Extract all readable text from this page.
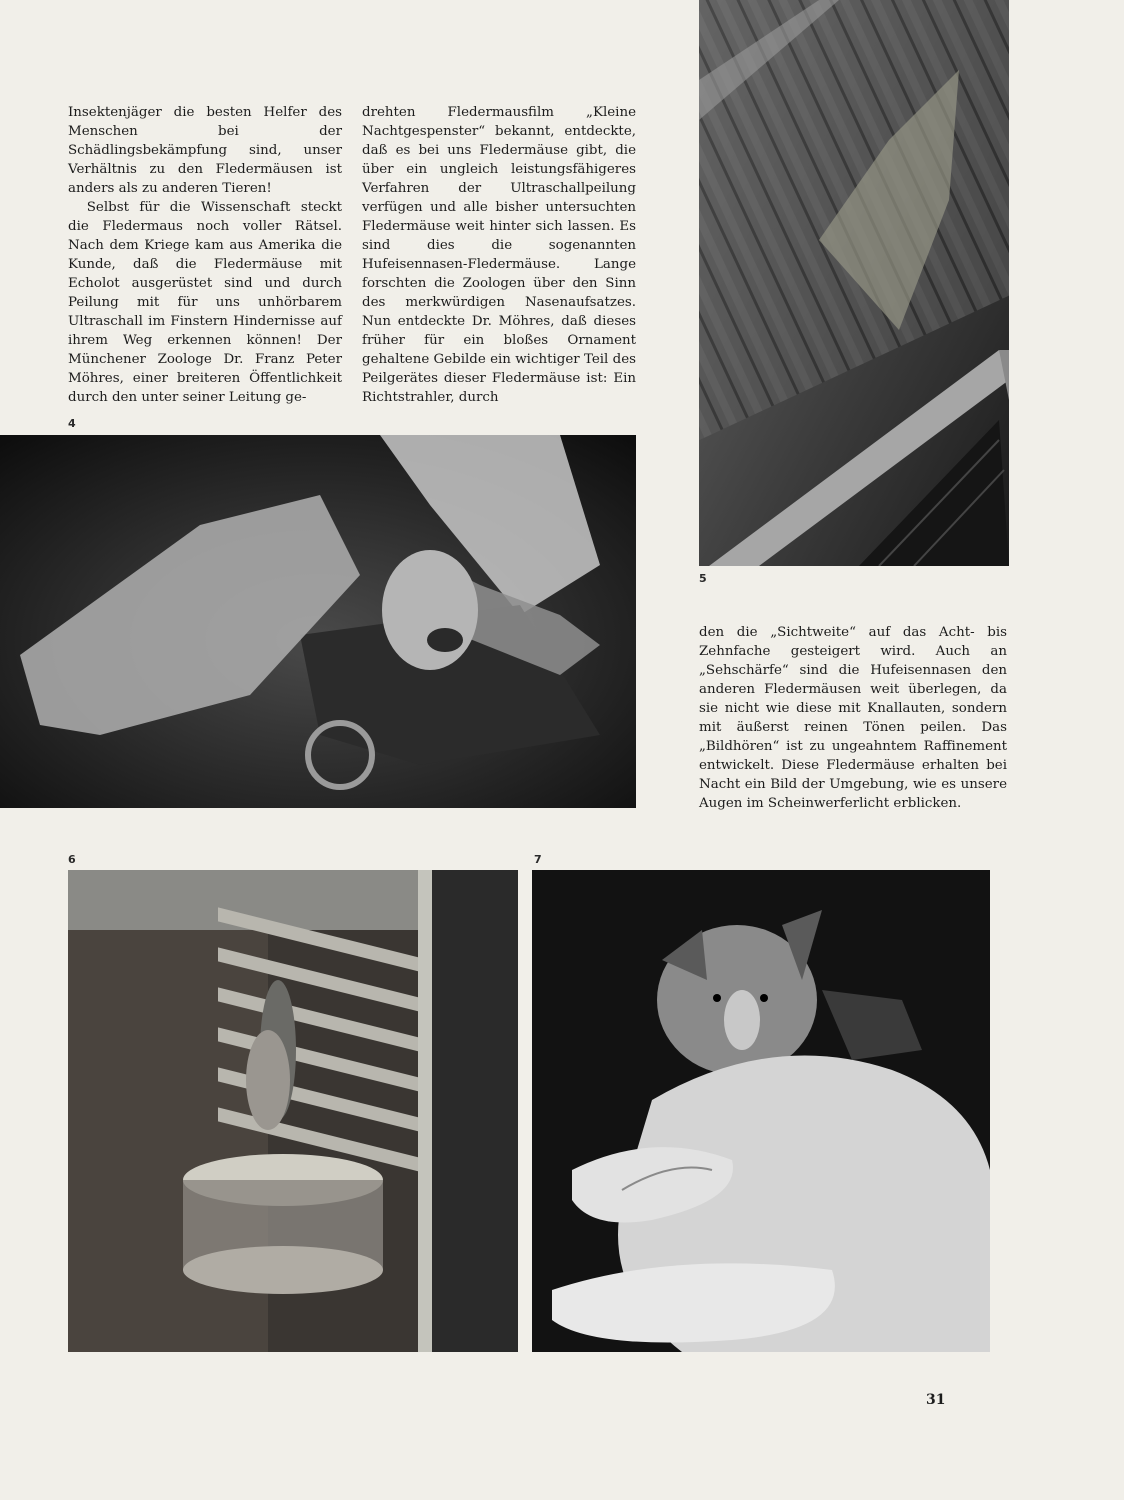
Insektenjäger die besten Helfer des Menschen bei der Schädlingsbekämpfung sind, unser Verhältnis zu den Fledermäusen ist anders als zu anderen Tieren!

Selbst für die Wissenschaft steckt die Fledermaus noch voller Rätsel. Nach dem Kriege kam aus Amerika die Kunde, daß die Fledermäuse mit Echolot ausgerüstet sind und durch Peilung mit für uns unhörbarem Ultraschall im Finstern Hindernisse auf ihrem Weg erkennen können! Der Münchener Zoologe Dr. Franz Peter Möhres, einer breiteren Öffentlichkeit durch den unter seiner Leitung ge-

drehten Fledermausfilm „Kleine Nachtgespenster“ bekannt, entdeckte, daß es bei uns Fledermäuse gibt, die über ein ungleich leistungsfähigeres Verfahren der Ultraschallpeilung verfügen und alle bisher untersuchten Fledermäuse weit hinter sich lassen. Es sind dies die sogenannten Hufeisennasen-Fledermäuse. Lange forschten die Zoologen über den Sinn des merkwürdigen Nasenaufsatzes. Nun entdeckte Dr. Möhres, daß dieses früher für ein bloßes Ornament gehaltene Gebilde ein wichtiger Teil des Peilgerätes dieser Fledermäuse ist: Ein Richtstrahler, durch

5
4

den die „Sichtweite“ auf das Acht- bis Zehnfache gesteigert wird. Auch an „Sehschärfe“ sind die Hufeisennasen den anderen Fledermäusen weit überlegen, da sie nicht wie diese mit Knallauten, sondern mit äußerst reinen Tönen peilen. Das „Bildhören“ ist zu ungeahntem Raffinement entwickelt. Diese Fledermäuse erhalten bei Nacht ein Bild der Umgebung, wie es unsere Augen im Scheinwerferlicht erblicken.

6	7
31
